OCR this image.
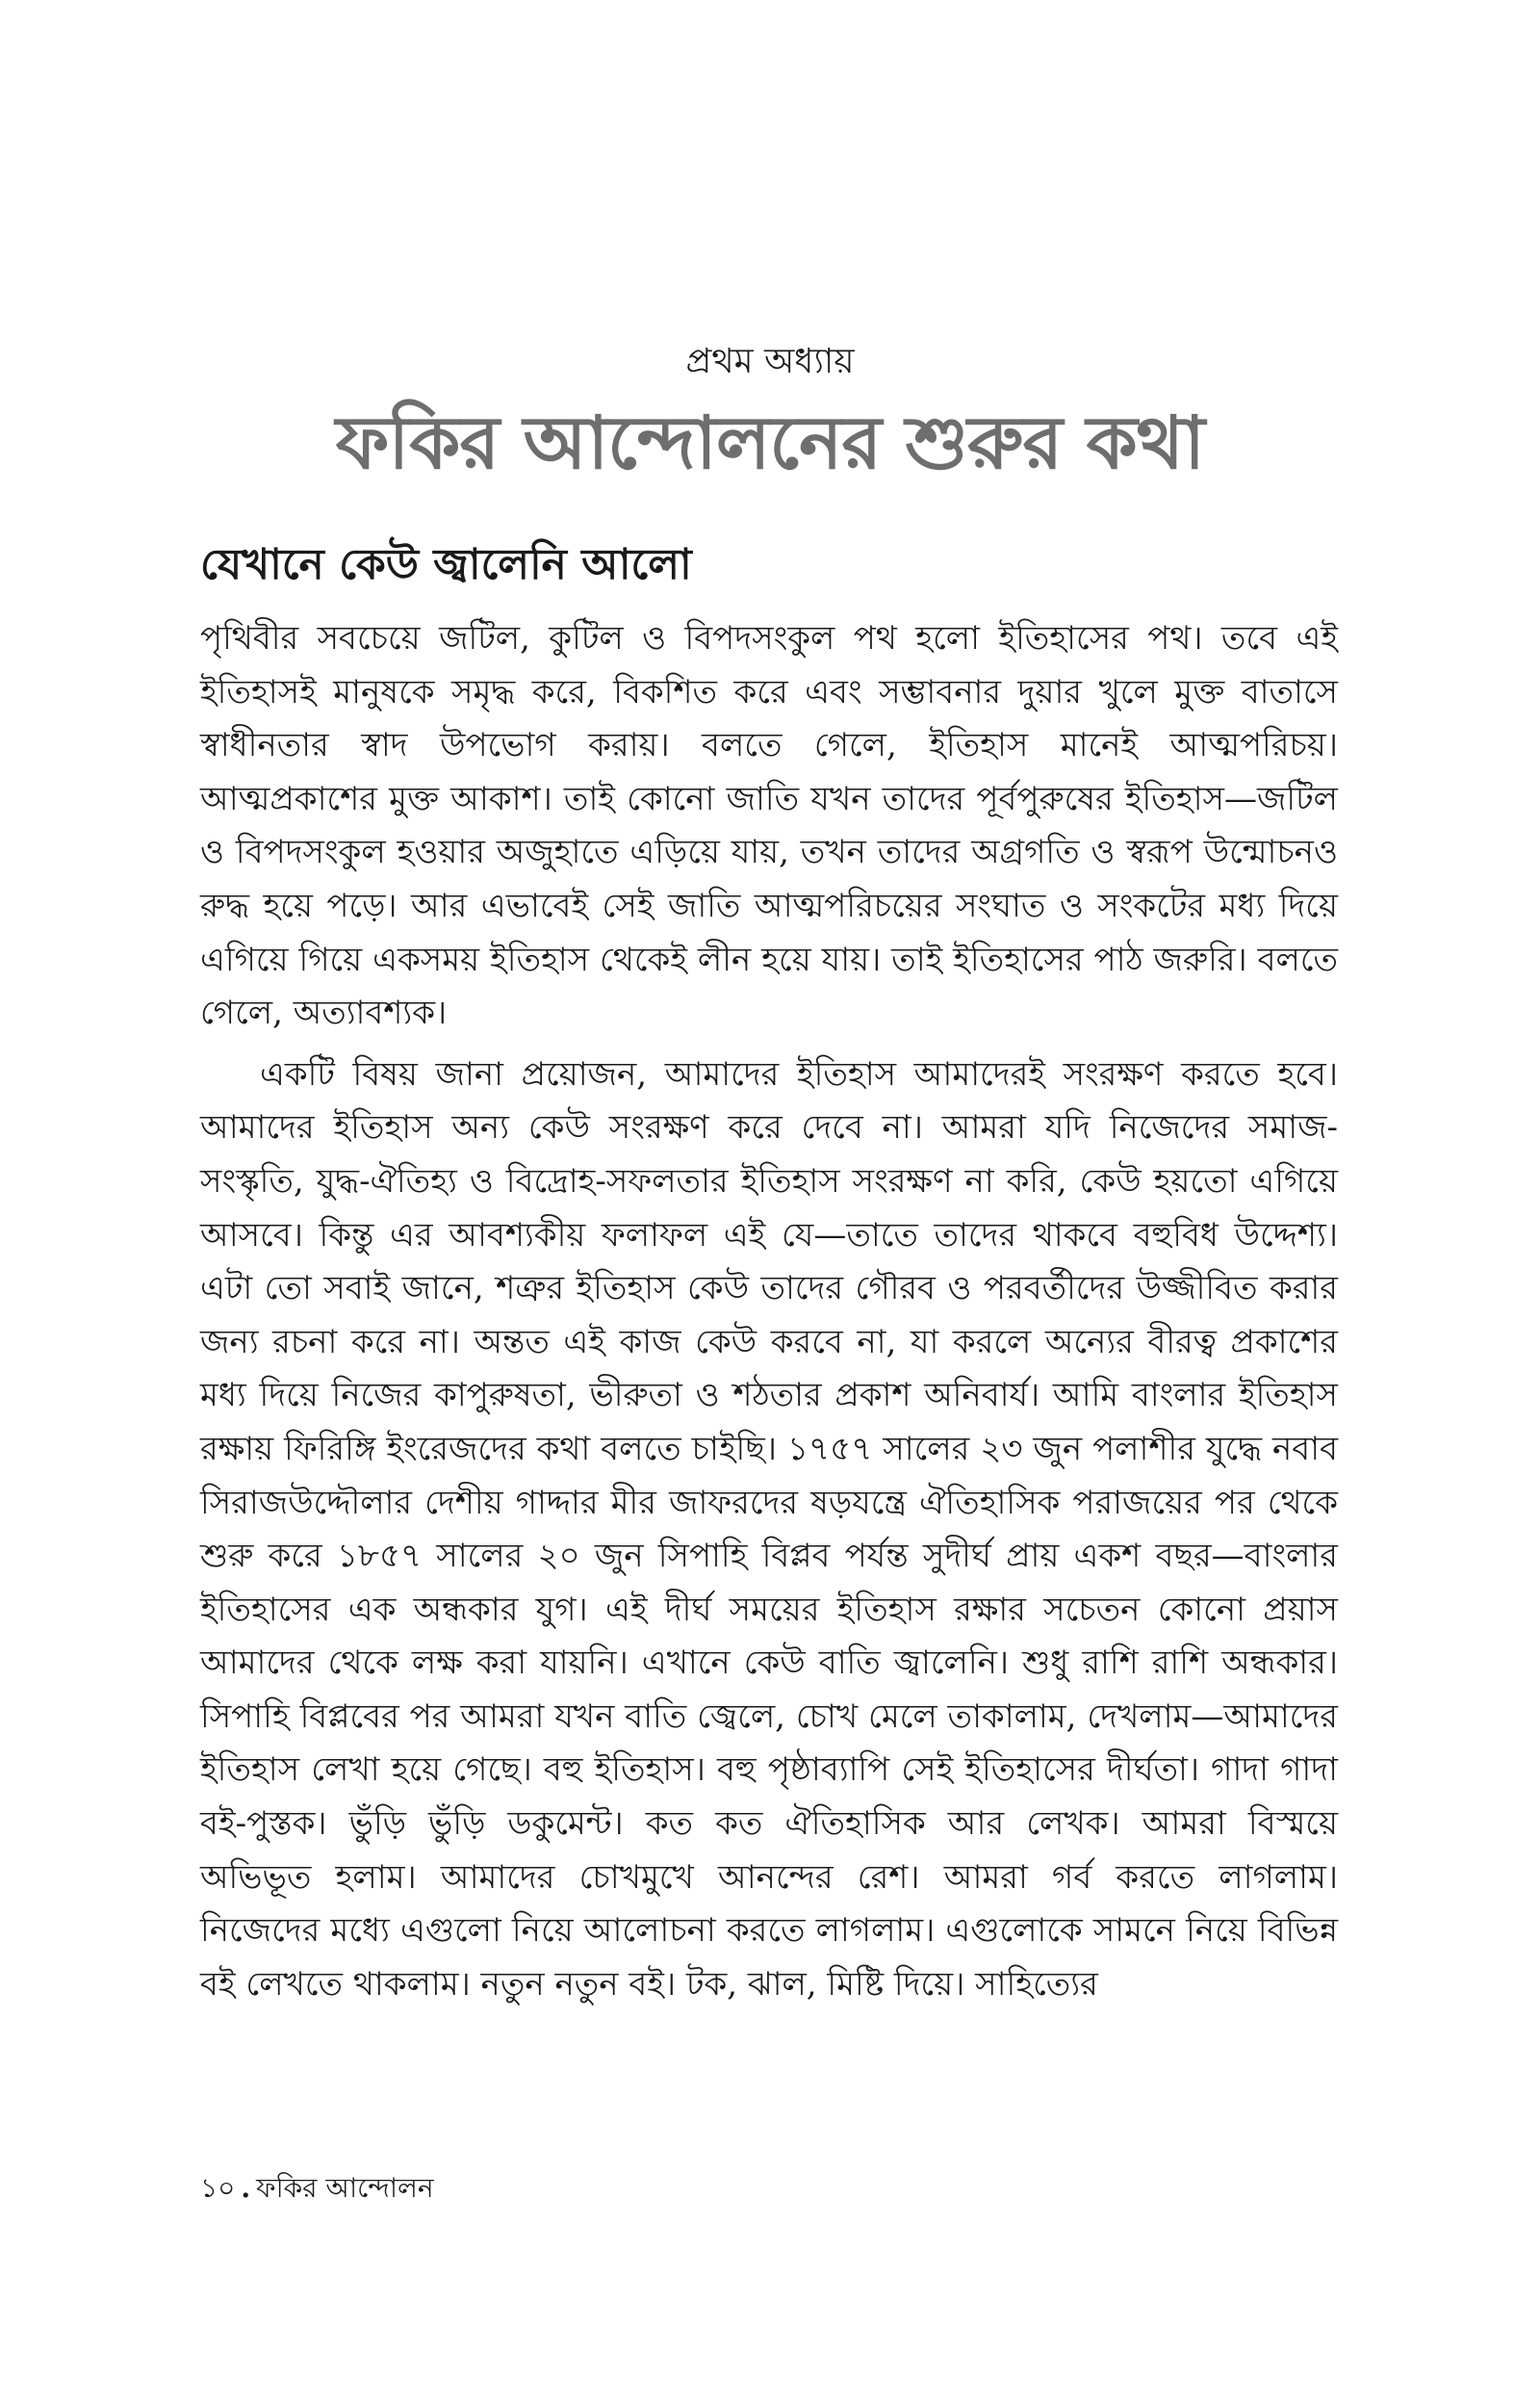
প্রথম অধ্যায়
ফকির আন্দোলনের শুরুর কথা
যেখানে কেউ জ্বালেনি আলো

পৃথিবীর সবচেয়ে জটিল, কুটিল ও বিপদসংকুল পথ হলো ইতিহাসের পথ। তবে এই ইতিহাসই মানুষকে সমৃদ্ধ করে, বিকশিত করে এবং সম্ভাবনার দুয়ার খুলে মুক্ত বাতাসে স্বাধীনতার স্বাদ উপভোগ করায়। বলতে গেলে, ইতিহাস মানেই আত্মপরিচয়। আত্মপ্রকাশের মুক্ত আকাশ। তাই কোনো জাতি যখন তাদের পূর্বপুরুষের ইতিহাস—জটিল ও বিপদসংকুল হওয়ার অজুহাতে এড়িয়ে যায়, তখন তাদের অগ্রগতি ও স্বরূপ উন্মোচনও রুদ্ধ হয়ে পড়ে। আর এভাবেই সেই জাতি আত্মপরিচয়ের সংঘাত ও সংকটের মধ্য দিয়ে এগিয়ে গিয়ে একসময় ইতিহাস থেকেই লীন হয়ে যায়। তাই ইতিহাসের পাঠ জরুরি। বলতে গেলে, অত্যাবশ্যক।

একটি বিষয় জানা প্রয়োজন, আমাদের ইতিহাস আমাদেরই সংরক্ষণ করতে হবে। আমাদের ইতিহাস অন্য কেউ সংরক্ষণ করে দেবে না। আমরা যদি নিজেদের সমাজ-সংস্কৃতি, যুদ্ধ-ঐতিহ্য ও বিদ্রোহ-সফলতার ইতিহাস সংরক্ষণ না করি, কেউ হয়তো এগিয়ে আসবে। কিন্তু এর আবশ্যকীয় ফলাফল এই যে—তাতে তাদের থাকবে বহুবিধ উদ্দেশ্য। এটা তো সবাই জানে, শত্রুর ইতিহাস কেউ তাদের গৌরব ও পরবর্তীদের উজ্জীবিত করার জন্য রচনা করে না। অন্তত এই কাজ কেউ করবে না, যা করলে অন্যের বীরত্ব প্রকাশের মধ্য দিয়ে নিজের কাপুরুষতা, ভীরুতা ও শঠতার প্রকাশ অনিবার্য। আমি বাংলার ইতিহাস রক্ষায় ফিরিঙ্গি ইংরেজদের কথা বলতে চাইছি। ১৭৫৭ সালের ২৩ জুন পলাশীর যুদ্ধে নবাব সিরাজউদ্দৌলার দেশীয় গাদ্দার মীর জাফরদের ষড়যন্ত্রে ঐতিহাসিক পরাজয়ের পর থেকে শুরু করে ১৮৫৭ সালের ২০ জুন সিপাহি বিপ্লব পর্যন্ত সুদীর্ঘ প্রায় একশ বছর—বাংলার ইতিহাসের এক অন্ধকার যুগ। এই দীর্ঘ সময়ের ইতিহাস রক্ষার সচেতন কোনো প্রয়াস আমাদের থেকে লক্ষ করা যায়নি। এখানে কেউ বাতি জ্বালেনি। শুধু রাশি রাশি অন্ধকার। সিপাহি বিপ্লবের পর আমরা যখন বাতি জ্বেলে, চোখ মেলে তাকালাম, দেখলাম—আমাদের ইতিহাস লেখা হয়ে গেছে। বহু ইতিহাস। বহু পৃষ্ঠাব্যাপি সেই ইতিহাসের দীর্ঘতা। গাদা গাদা বই-পুস্তক। ভুঁড়ি ভুঁড়ি ডকুমেন্ট। কত কত ঐতিহাসিক আর লেখক। আমরা বিস্ময়ে অভিভূত হলাম। আমাদের চোখমুখে আনন্দের রেশ। আমরা গর্ব করতে লাগলাম। নিজেদের মধ্যে এগুলো নিয়ে আলোচনা করতে লাগলাম। এগুলোকে সামনে নিয়ে বিভিন্ন বই লেখতে থাকলাম। নতুন নতুন বই। টক, ঝাল, মিষ্টি দিয়ে। সাহিত্যের

১০ . ফকির আন্দোলন
